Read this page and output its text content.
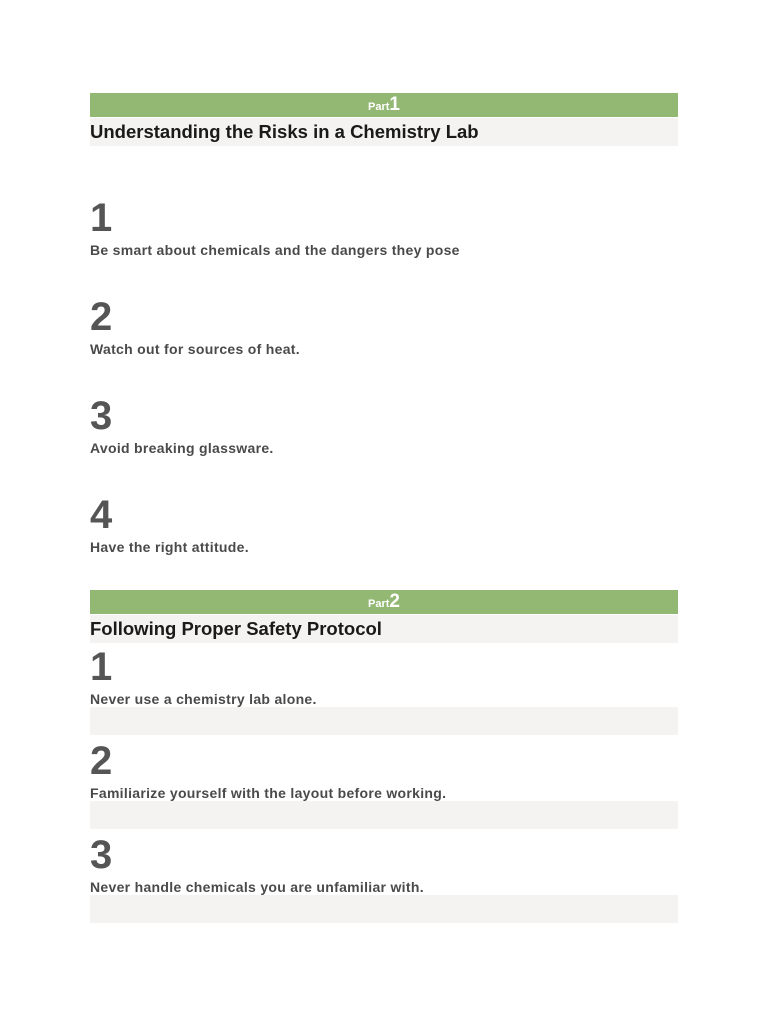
Part1
Understanding the Risks in a Chemistry Lab
1
Be smart about chemicals and the dangers they pose
2
Watch out for sources of heat.
3
Avoid breaking glassware.
4
Have the right attitude.
Part2
Following Proper Safety Protocol
1
Never use a chemistry lab alone.
2
Familiarize yourself with the layout before working.
3
Never handle chemicals you are unfamiliar with.
